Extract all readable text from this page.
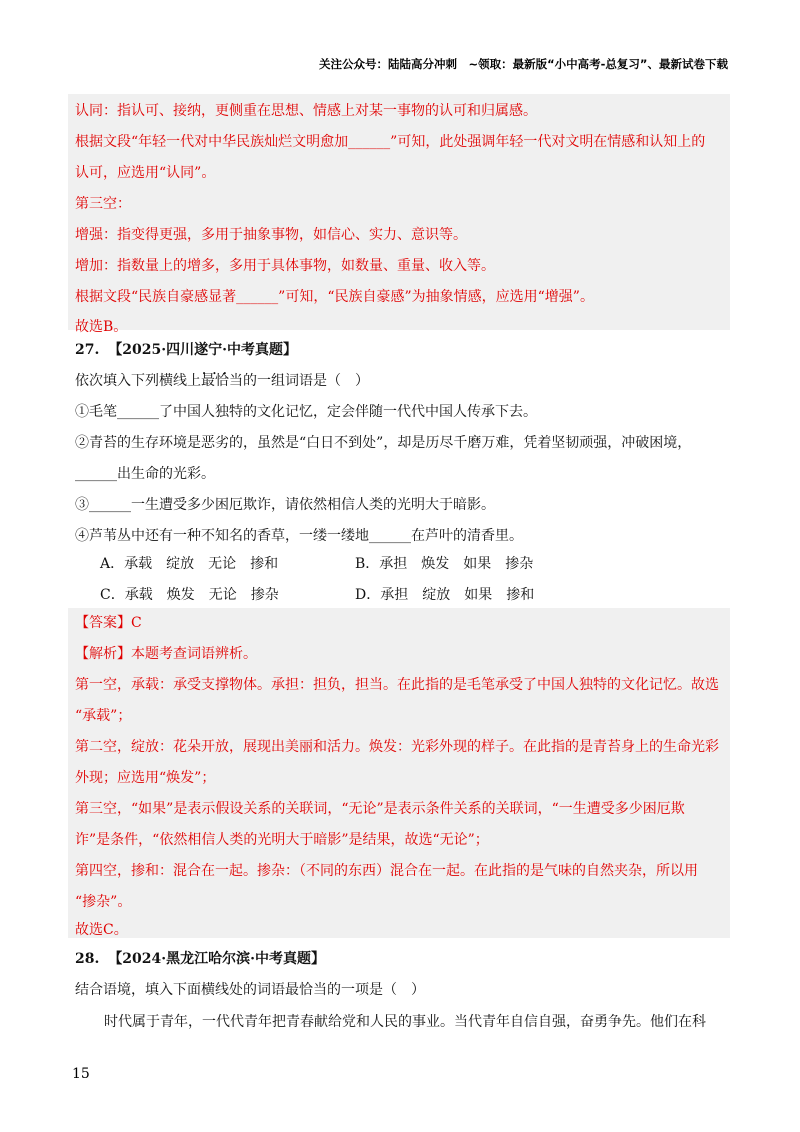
关注公众号：陆陆高分冲刺　~领取：最新版“小中高考-总复习”、最新试卷下载
认同：指认可、接纳，更侧重在思想、情感上对某一事物的认可和归属感。
根据文段“年轻一代对中华民族灿烂文明愈加______”可知，此处强调年轻一代对文明在情感和认知上的
认可，应选用“认同”。
第三空：
增强：指变得更强，多用于抽象事物，如信心、实力、意识等。
增加：指数量上的增多，多用于具体事物，如数量、重量、收入等。
根据文段“民族自豪感显著______”可知，“民族自豪感”为抽象情感，应选用“增强”。
故选B。
27. 【2025·四川遂宁·中考真题】
依次填入下列横线上• • • 最恰当的一组词语是（　）
①毛笔______了中国人独特的文化记忆，定会伴随一代代中国人传承下去。
②青苔的生存环境是恶劣的，虽然是“白日不到处”，却是历尽千磨万难，凭着坚韧顽强，冲破困境，
______出生命的光彩。
③______一生遭受多少困厄欺诈，请依然相信人类的光明大于暗影。
④芦苇丛中还有一种不知名的香草，一缕一缕地______在芦叶的清香里。
A．承载　绽放　无论　掺和	B．承担　焕发　如果　掺杂
C．承载　焕发　无论　掺杂	D．承担　绽放　如果　掺和
【答案】C
【解析】本题考查词语辨析。
第一空，承载：承受支撑物体。承担：担负，担当。在此指的是毛笔承受了中国人独特的文化记忆。故选
“承载”；
第二空，绽放：花朵开放，展现出美丽和活力。焕发：光彩外现的样子。在此指的是青苔身上的生命光彩
外现；应选用“焕发”；
第三空，“如果”是表示假设关系的关联词，“无论”是表示条件关系的关联词，“一生遭受多少困厄欺
诈”是条件，“依然相信人类的光明大于暗影”是结果，故选“无论”；
第四空，掺和：混合在一起。掺杂：（不同的东西）混合在一起。在此指的是气味的自然夹杂，所以用
“掺杂”。
故选C。
28. 【2024·黑龙江哈尔滨·中考真题】
结合语境，填入下面横线处的词语最恰当的一项是（　）
时代属于青年，一代代青年把青春献给党和人民的事业。当代青年自信自强，奋勇争先。他们在科
15
